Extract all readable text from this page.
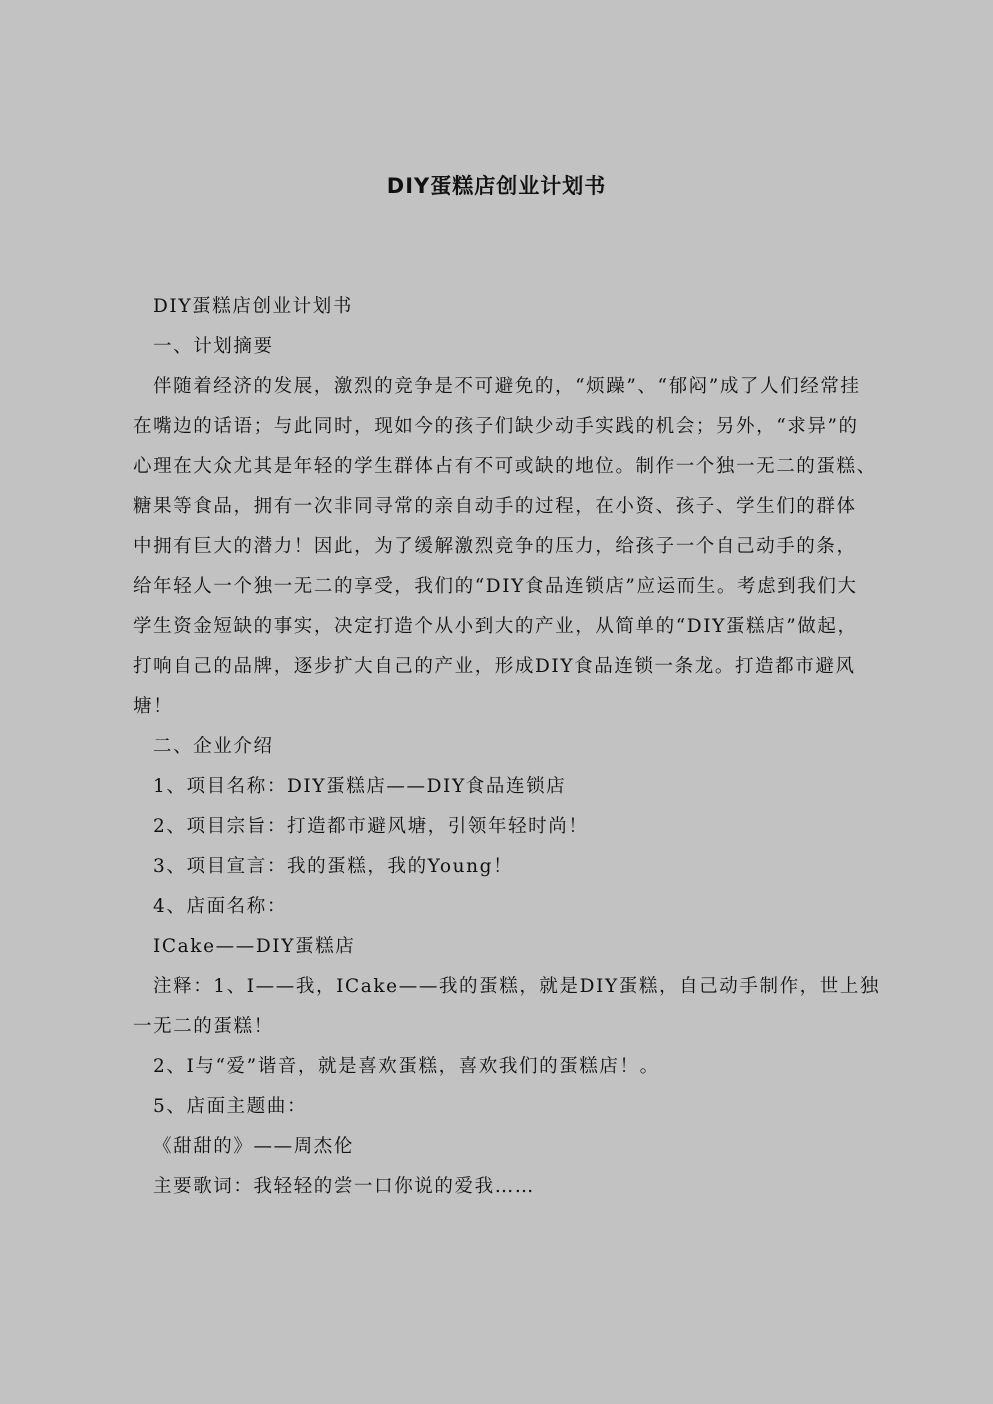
DIY蛋糕店创业计划书

DIY蛋糕店创业计划书

一、计划摘要

伴随着经济的发展，激烈的竞争是不可避免的，“烦躁”、“郁闷”成了人们经常挂

在嘴边的话语；与此同时，现如今的孩子们缺少动手实践的机会；另外，“求异”的

心理在大众尤其是年轻的学生群体占有不可或缺的地位。制作一个独一无二的蛋糕、

糖果等食品，拥有一次非同寻常的亲自动手的过程，在小资、孩子、学生们的群体

中拥有巨大的潜力！因此，为了缓解激烈竞争的压力，给孩子一个自己动手的条，

给年轻人一个独一无二的享受，我们的“DIY食品连锁店”应运而生。考虑到我们大

学生资金短缺的事实，决定打造个从小到大的产业，从简单的“DIY蛋糕店”做起，

打响自己的品牌，逐步扩大自己的产业，形成DIY食品连锁一条龙。打造都市避风

塘！

二、企业介绍

1、项目名称：DIY蛋糕店——DIY食品连锁店

2、项目宗旨：打造都市避风塘，引领年轻时尚！

3、项目宣言：我的蛋糕，我的Young！

4、店面名称：

ICake——DIY蛋糕店

注释：1、I——我，ICake——我的蛋糕，就是DIY蛋糕，自己动手制作，世上独

一无二的蛋糕！

2、I与“爱”谐音，就是喜欢蛋糕，喜欢我们的蛋糕店！。

5、店面主题曲：

《甜甜的》——周杰伦

主要歌词：我轻轻的尝一口你说的爱我……
